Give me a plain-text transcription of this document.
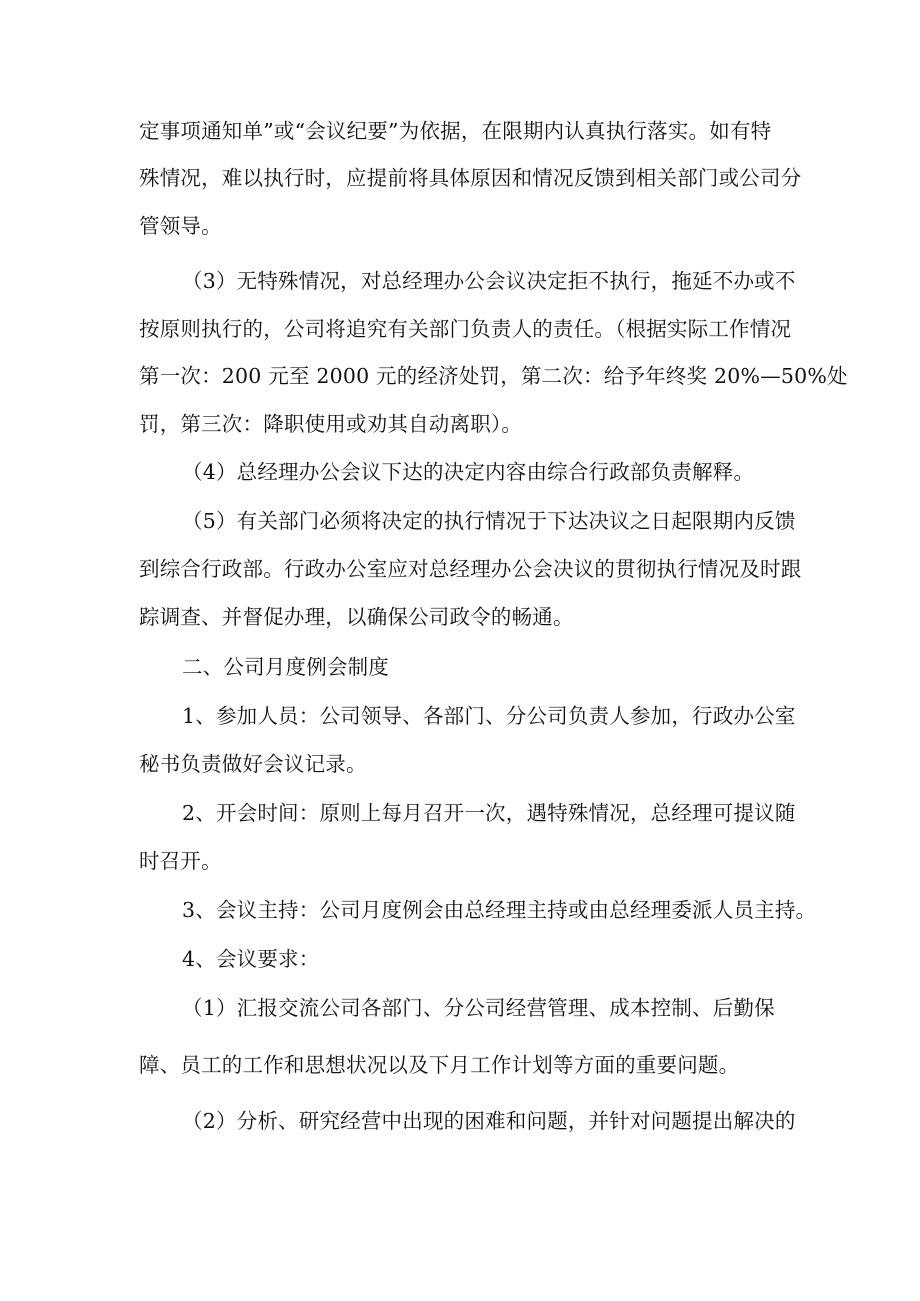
定事项通知单”或“会议纪要”为依据，在限期内认真执行落实。如有特
殊情况，难以执行时，应提前将具体原因和情况反馈到相关部门或公司分
管领导。
（3）无特殊情况，对总经理办公会议决定拒不执行，拖延不办或不
按原则执行的，公司将追究有关部门负责人的责任。（根据实际工作情况
第一次：200 元至 2000 元的经济处罚，第二次：给予年终奖 20%—50%处
罚，第三次：降职使用或劝其自动离职）。
（4）总经理办公会议下达的决定内容由综合行政部负责解释。
（5）有关部门必须将决定的执行情况于下达决议之日起限期内反馈
到综合行政部。行政办公室应对总经理办公会决议的贯彻执行情况及时跟
踪调查、并督促办理，以确保公司政令的畅通。
二、公司月度例会制度
1、参加人员：公司领导、各部门、分公司负责人参加，行政办公室
秘书负责做好会议记录。
2、开会时间：原则上每月召开一次，遇特殊情况，总经理可提议随
时召开。
3、会议主持：公司月度例会由总经理主持或由总经理委派人员主持。
4、会议要求：
（1）汇报交流公司各部门、分公司经营管理、成本控制、后勤保
障、员工的工作和思想状况以及下月工作计划等方面的重要问题。
（2）分析、研究经营中出现的困难和问题，并针对问题提出解决的
